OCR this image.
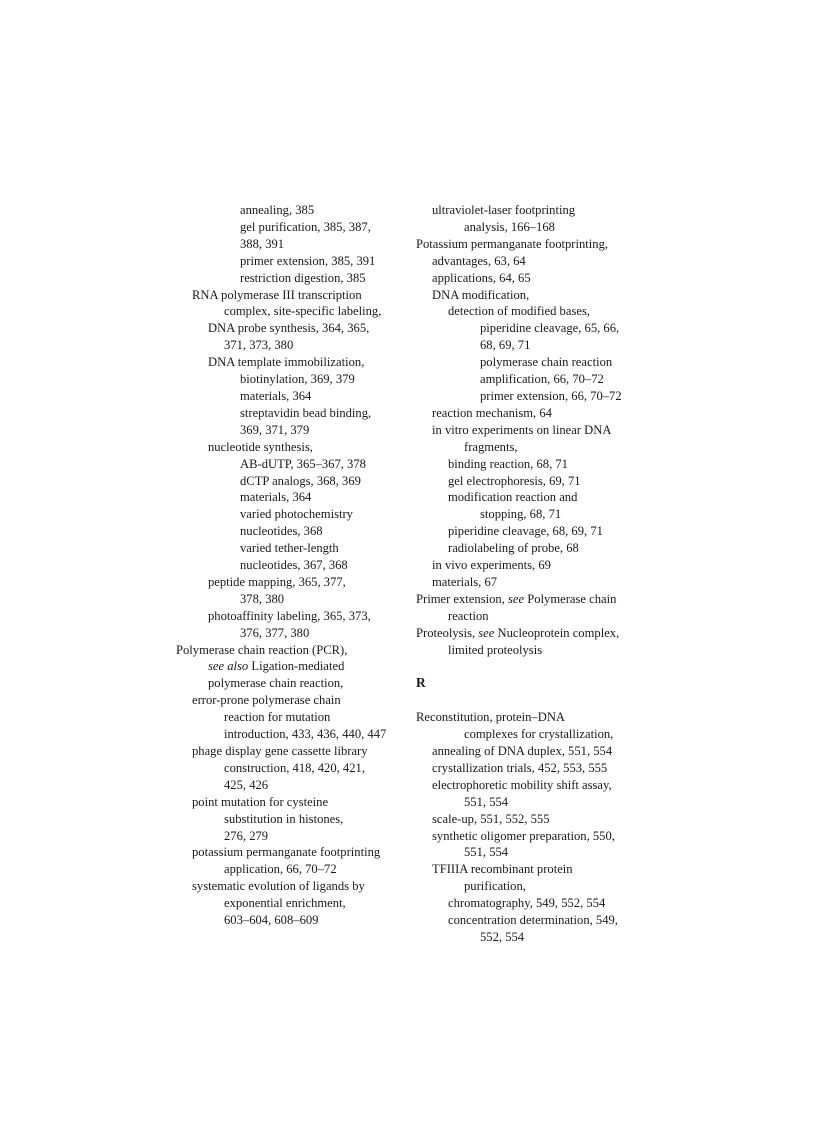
annealing, 385
gel purification, 385, 387,
388, 391
primer extension, 385, 391
restriction digestion, 385
RNA polymerase III transcription
complex, site-specific labeling,
DNA probe synthesis, 364, 365,
371, 373, 380
DNA template immobilization,
biotinylation, 369, 379
materials, 364
streptavidin bead binding,
369, 371, 379
nucleotide synthesis,
AB-dUTP, 365–367, 378
dCTP analogs, 368, 369
materials, 364
varied photochemistry
nucleotides, 368
varied tether-length
nucleotides, 367, 368
peptide mapping, 365, 377,
378, 380
photoaffinity labeling, 365, 373,
376, 377, 380
Polymerase chain reaction (PCR),
see also Ligation-mediated
polymerase chain reaction,
error-prone polymerase chain
reaction for mutation
introduction, 433, 436, 440, 447
phage display gene cassette library
construction, 418, 420, 421,
425, 426
point mutation for cysteine
substitution in histones,
276, 279
potassium permanganate footprinting
application, 66, 70–72
systematic evolution of ligands by
exponential enrichment,
603–604, 608–609
ultraviolet-laser footprinting
analysis, 166–168
Potassium permanganate footprinting,
advantages, 63, 64
applications, 64, 65
DNA modification,
detection of modified bases,
piperidine cleavage, 65, 66,
68, 69, 71
polymerase chain reaction
amplification, 66, 70–72
primer extension, 66, 70–72
reaction mechanism, 64
in vitro experiments on linear DNA
fragments,
binding reaction, 68, 71
gel electrophoresis, 69, 71
modification reaction and
stopping, 68, 71
piperidine cleavage, 68, 69, 71
radiolabeling of probe, 68
in vivo experiments, 69
materials, 67
Primer extension, see Polymerase chain
reaction
Proteolysis, see Nucleoprotein complex,
limited proteolysis
R
Reconstitution, protein–DNA
complexes for crystallization,
annealing of DNA duplex, 551, 554
crystallization trials, 452, 553, 555
electrophoretic mobility shift assay,
551, 554
scale-up, 551, 552, 555
synthetic oligomer preparation, 550,
551, 554
TFIIIA recombinant protein
purification,
chromatography, 549, 552, 554
concentration determination, 549,
552, 554
